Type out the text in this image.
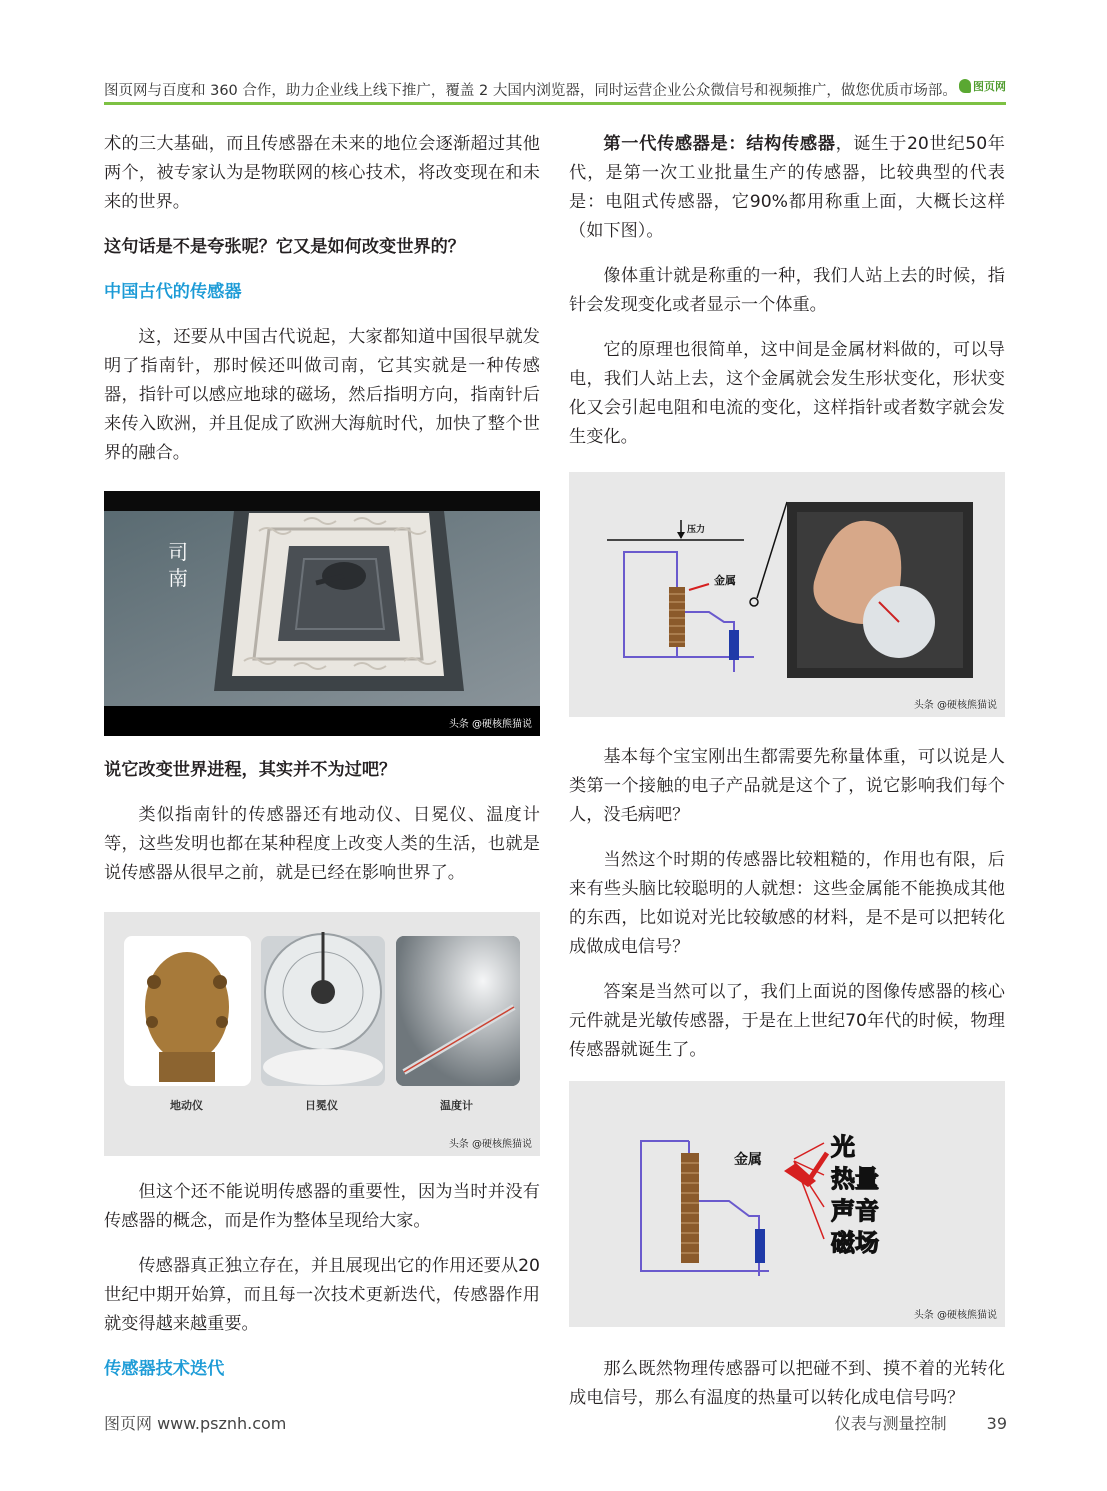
图页网与百度和 360 合作，助力企业线上线下推广，覆盖 2 大国内浏览器，同时运营企业公众微信号和视频推广，做您优质市场部。 图页网

术的三大基础，而且传感器在未来的地位会逐渐超过其他两个，被专家认为是物联网的核心技术，将改变现在和未来的世界。

这句话是不是夸张呢？它又是如何改变世界的？

中国古代的传感器

这，还要从中国古代说起，大家都知道中国很早就发明了指南针，那时候还叫做司南，它其实就是一种传感器，指针可以感应地球的磁场，然后指明方向，指南针后来传入欧洲，并且促成了欧洲大海航时代，加快了整个世界的融合。

司南
头条 @硬核熊猫说

说它改变世界进程，其实并不为过吧？

类似指南针的传感器还有地动仪、日冕仪、温度计等，这些发明也都在某种程度上改变人类的生活，也就是说传感器从很早之前，就是已经在影响世界了。

地动仪	日冕仪	温度计
头条 @硬核熊猫说

但这个还不能说明传感器的重要性，因为当时并没有传感器的概念，而是作为整体呈现给大家。

传感器真正独立存在，并且展现出它的作用还要从20世纪中期开始算，而且每一次技术更新迭代，传感器作用就变得越来越重要。

传感器技术迭代

第一代传感器是：结构传感器，诞生于20世纪50年代，是第一次工业批量生产的传感器，比较典型的代表是：电阻式传感器，它90%都用称重上面，大概长这样（如下图）。

像体重计就是称重的一种，我们人站上去的时候，指针会发现变化或者显示一个体重。

它的原理也很简单，这中间是金属材料做的，可以导电，我们人站上去，这个金属就会发生形状变化，形状变化又会引起电阻和电流的变化，这样指针或者数字就会发生变化。

压力
金属
头条 @硬核熊猫说

基本每个宝宝刚出生都需要先称量体重，可以说是人类第一个接触的电子产品就是这个了，说它影响我们每个人，没毛病吧？

当然这个时期的传感器比较粗糙的，作用也有限，后来有些头脑比较聪明的人就想：这些金属能不能换成其他的东西，比如说对光比较敏感的材料，是不是可以把转化成做成电信号？

答案是当然可以了，我们上面说的图像传感器的核心元件就是光敏传感器，于是在上世纪70年代的时候，物理传感器就诞生了。

金属	光
热量
声音
磁场
头条 @硬核熊猫说

那么既然物理传感器可以把碰不到、摸不着的光转化成电信号，那么有温度的热量可以转化成电信号吗？

图页网 www.psznh.com	仪表与测量控制	39
